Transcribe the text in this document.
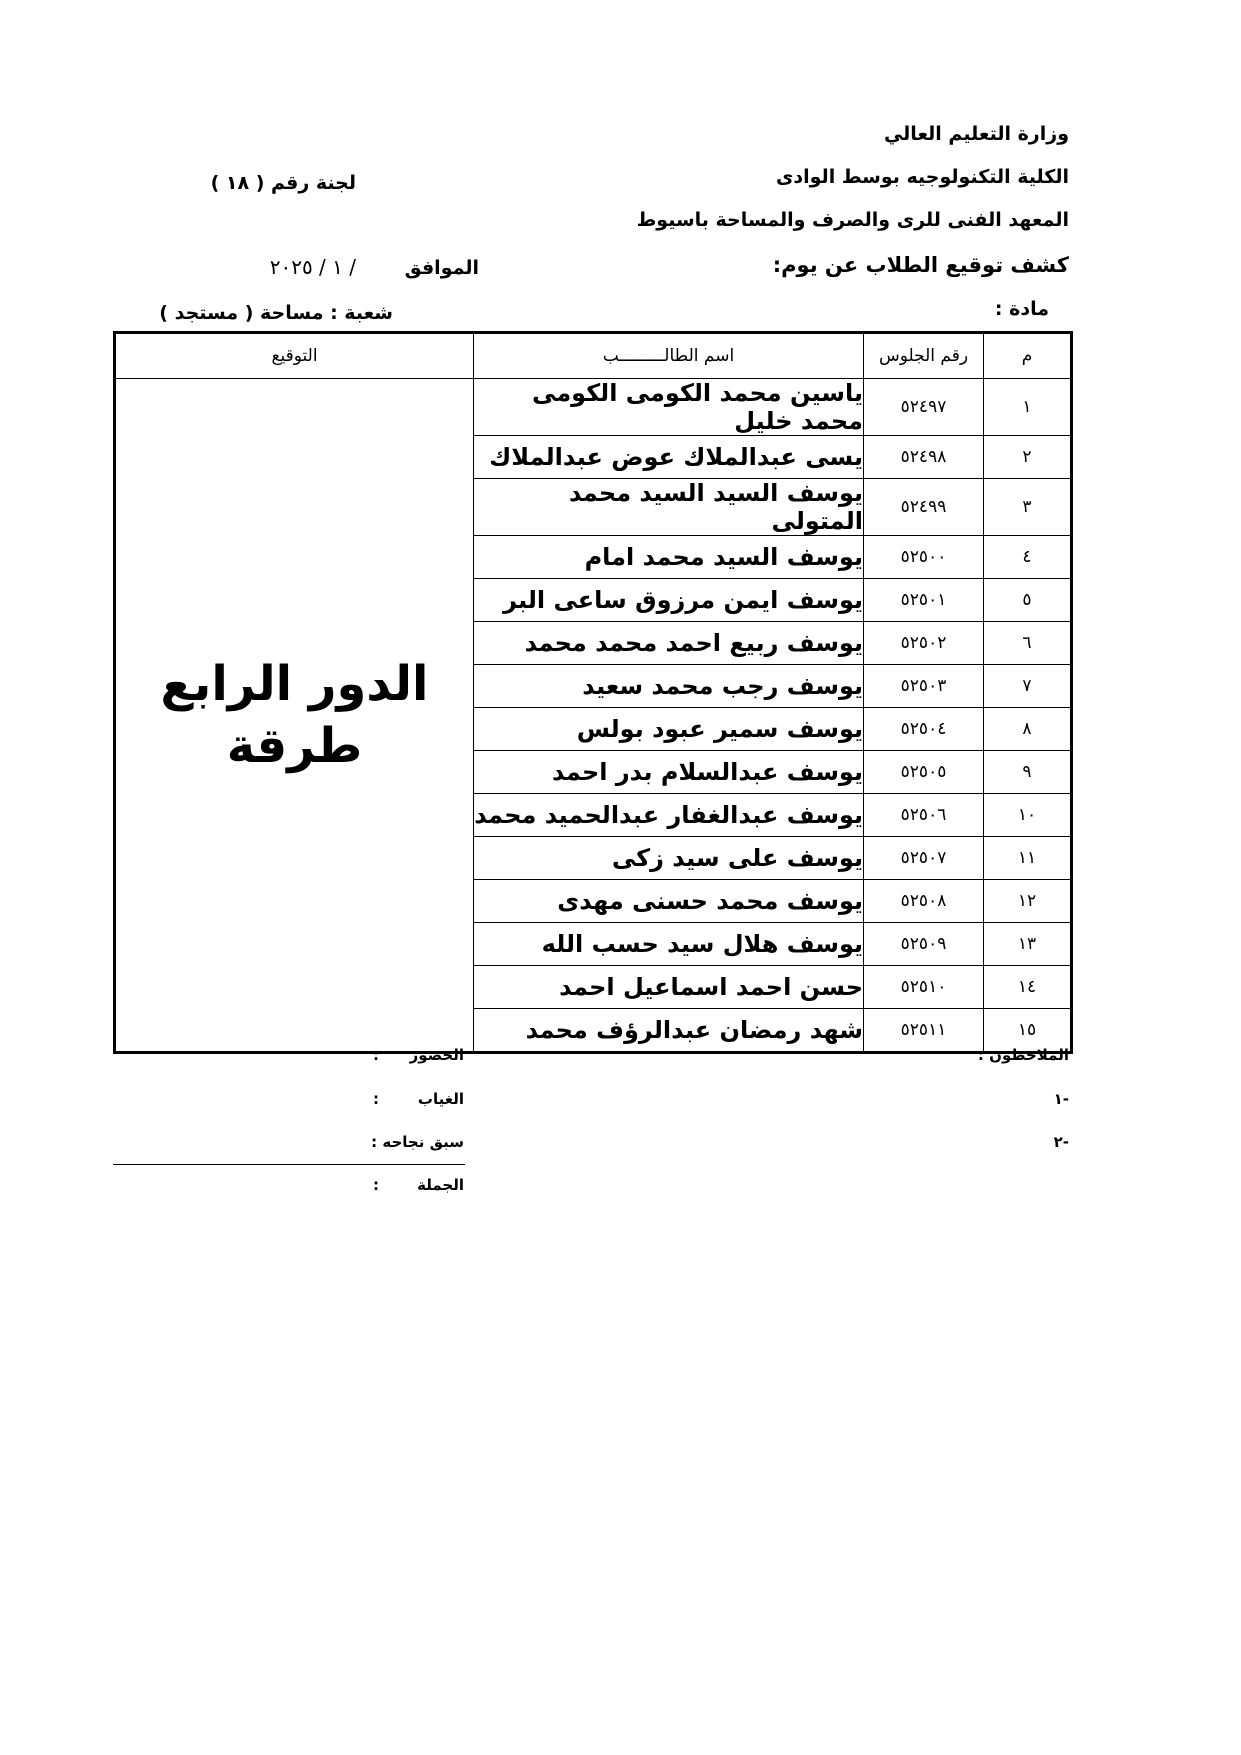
وزارة التعليم العالي
الكلية التكنولوجيه بوسط الوادى
المعهد الفنى للرى والصرف والمساحة باسيوط
كشف توقيع الطلاب عن يوم:
مادة :
لجنة رقم ( ١٨ )
الموافق
/ ١ / ٢٠٢٥
شعبة : مساحة ( مستجد )
م	رقم الجلوس	اسم الطالـــــــــب	التوقيع
١	٥٢٤٩٧	ياسين محمد الكومى الكومى محمد خليل	الدور الرابع
طرقة

٢	٥٢٤٩٨	يسى عبدالملاك عوض عبدالملاك	
٣	٥٢٤٩٩	يوسف السيد السيد محمد المتولى	
٤	٥٢٥٠٠	يوسف السيد محمد امام	
٥	٥٢٥٠١	يوسف ايمن مرزوق ساعى البر	
٦	٥٢٥٠٢	يوسف ربيع احمد محمد محمد	
٧	٥٢٥٠٣	يوسف رجب محمد سعيد	
٨	٥٢٥٠٤	يوسف سمير عبود بولس	
٩	٥٢٥٠٥	يوسف عبدالسلام بدر احمد	
١٠	٥٢٥٠٦	يوسف عبدالغفار عبدالحميد محمد	
١١	٥٢٥٠٧	يوسف على سيد زكى	
١٢	٥٢٥٠٨	يوسف محمد حسنى مهدى	
١٣	٥٢٥٠٩	يوسف هلال سيد حسب الله	
١٤	٥٢٥١٠	حسن احمد اسماعيل احمد	
١٥	٥٢٥١١	شهد رمضان عبدالرؤف محمد	
الملاحظون :
-١
-٢
الحضور
:
الغياب
:
سبق نجاحه :
الجملة
:
